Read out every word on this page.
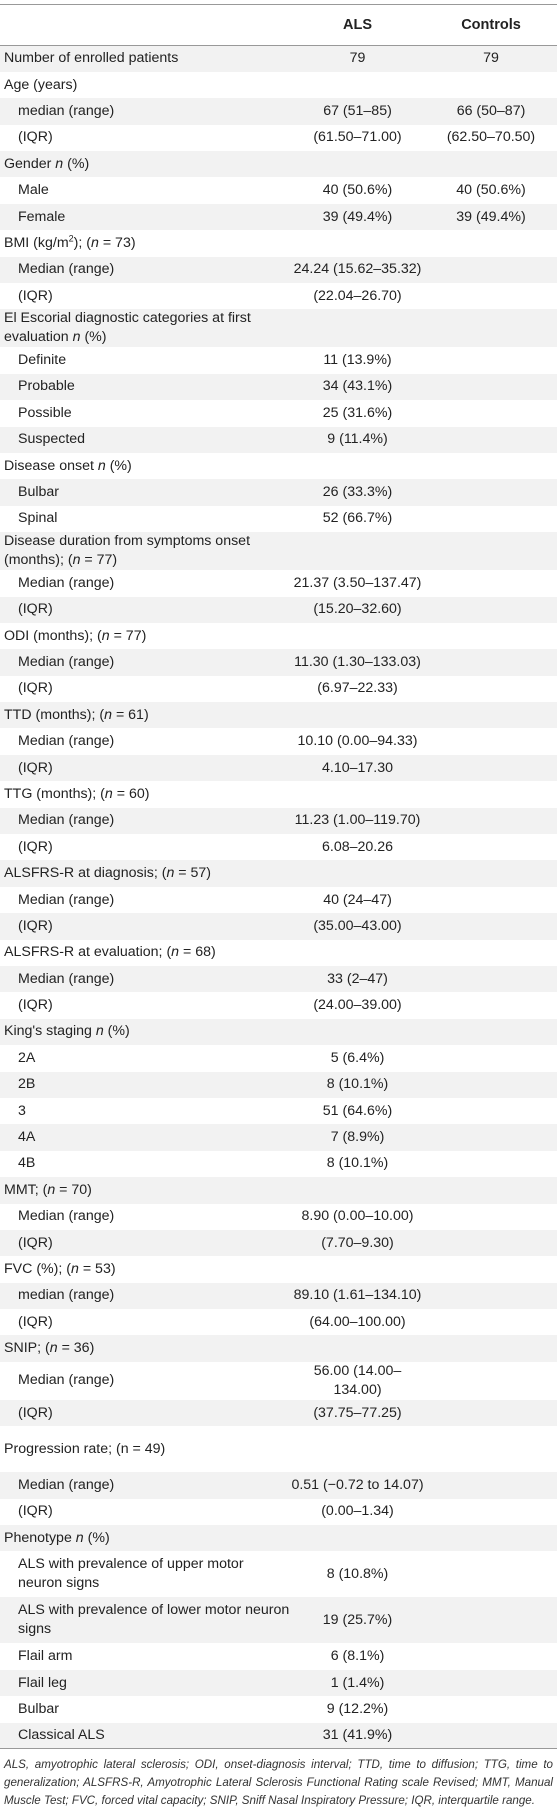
	ALS	Controls
Number of enrolled patients	79	79
Age (years)		
median (range)	67 (51–85)	66 (50–87)
(IQR)	(61.50–71.00)	(62.50–70.50)
Gender n (%)		
Male	40 (50.6%)	40 (50.6%)
Female	39 (49.4%)	39 (49.4%)
BMI $(kg/m^2)$; (n = 73)		
Median (range)	24.24 (15.62–35.32)	
(IQR)	(22.04–26.70)	
El Escorial diagnostic categories at first evaluation n (%)		
Definite	11 (13.9%)	
Probable	34 (43.1%)	
Possible	25 (31.6%)	
Suspected	9 (11.4%)	
Disease onset n (%)		
Bulbar	26 (33.3%)	
Spinal	52 (66.7%)	
Disease duration from symptoms onset (months); (n = 77)		
Median (range)	21.37 (3.50–137.47)	
(IQR)	(15.20–32.60)	
ODI (months); (n = 77)		
Median (range)	11.30 (1.30–133.03)	
(IQR)	(6.97–22.33)	
TTD (months); (n = 61)		
Median (range)	10.10 (0.00–94.33)	
(IQR)	4.10–17.30	
TTG (months); (n = 60)		
Median (range)	11.23 (1.00–119.70)	
(IQR)	6.08–20.26	
ALSFRS-R at diagnosis; (n = 57)		
Median (range)	40 (24–47)	
(IQR)	(35.00–43.00)	
ALSFRS-R at evaluation; (n = 68)		
Median (range)	33 (2–47)	
(IQR)	(24.00–39.00)	
King's staging n (%)		
2A	5 (6.4%)	
2B	8 (10.1%)	
3	51 (64.6%)	
4A	7 (8.9%)	
4B	8 (10.1%)	
MMT; (n = 70)		
Median (range)	8.90 (0.00–10.00)	
(IQR)	(7.70–9.30)	
FVC (%); (n = 53)		
median (range)	89.10 (1.61–134.10)	
(IQR)	(64.00–100.00)	
SNIP; (n = 36)		
Median (range)	56.00 (14.00–134.00)	
(IQR)	(37.75–77.25)	
Progression rate; (n = 49)		
Median (range)	0.51 (−0.72 to 14.07)	
(IQR)	(0.00–1.34)	
Phenotype n (%)		
ALS with prevalence of upper motor neuron signs	8 (10.8%)	
ALS with prevalence of lower motor neuron signs	19 (25.7%)	
Flail arm	6 (8.1%)	
Flail leg	1 (1.4%)	
Bulbar	9 (12.2%)	
Classical ALS	31 (41.9%)	
ALS, amyotrophic lateral sclerosis; ODI, onset-diagnosis interval; TTD, time to diffusion; TTG, time to generalization; ALSFRS-R, Amyotrophic Lateral Sclerosis Functional Rating scale Revised; MMT, Manual Muscle Test; FVC, forced vital capacity; SNIP, Sniff Nasal Inspiratory Pressure; IQR, interquartile range.
